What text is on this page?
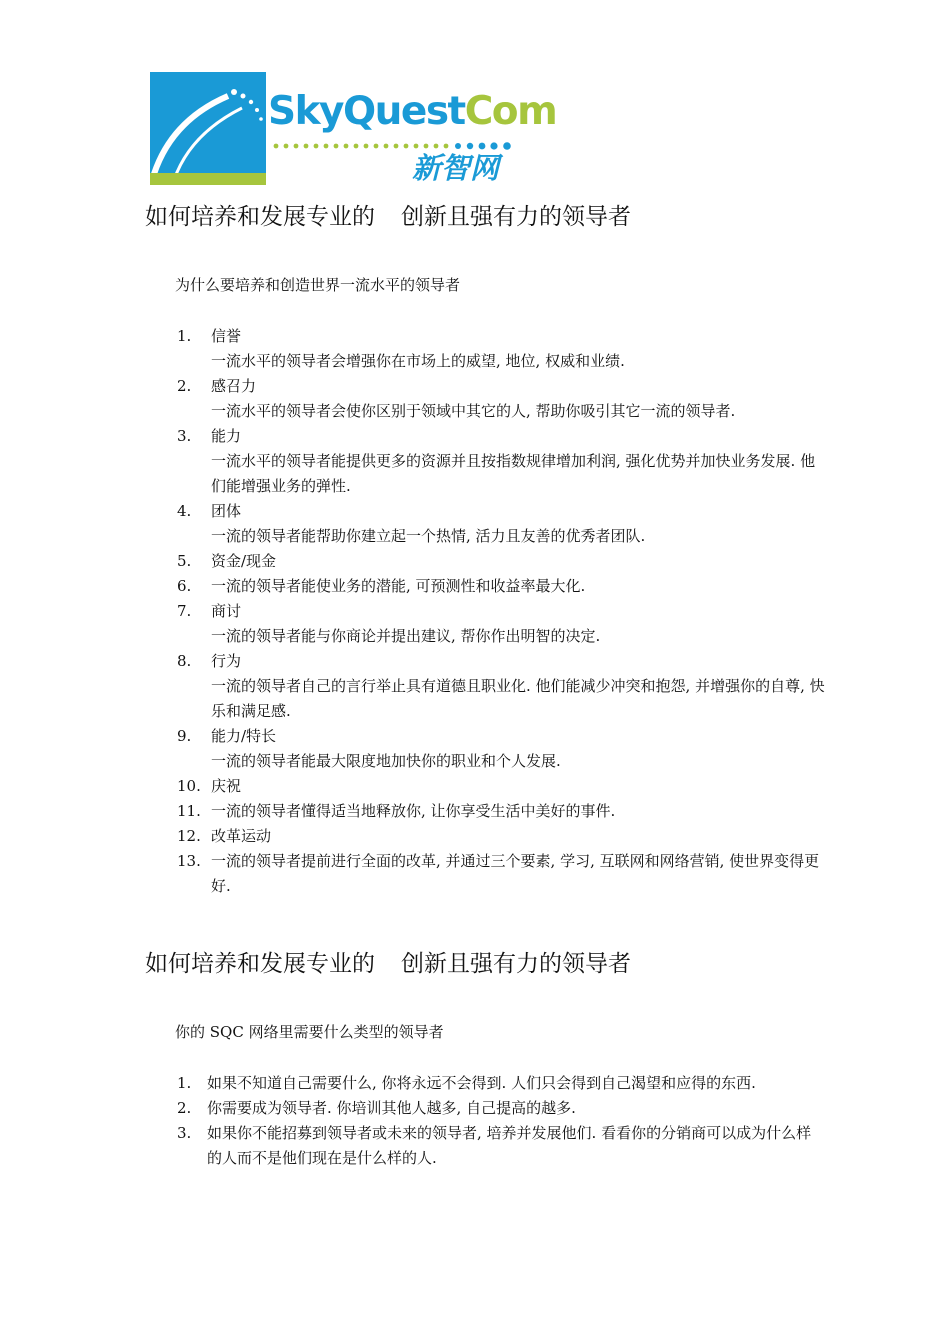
SkyQuestCom
新智网
如何培养和发展专业的 创新且强有力的领导者

为什么要培养和创造世界一流水平的领导者

1. 信誉
一流水平的领导者会增强你在市场上的威望, 地位, 权威和业绩.
2. 感召力
一流水平的领导者会使你区别于领域中其它的人, 帮助你吸引其它一流的领导者.
3. 能力
一流水平的领导者能提供更多的资源并且按指数规律增加利润, 强化优势并加快业务发展. 他们能增强业务的弹性.
4. 团体
一流的领导者能帮助你建立起一个热情, 活力且友善的优秀者团队.
5. 资金/现金
6. 一流的领导者能使业务的潜能, 可预测性和收益率最大化.
7. 商讨
一流的领导者能与你商论并提出建议, 帮你作出明智的决定.
8. 行为
一流的领导者自己的言行举止具有道德且职业化. 他们能减少冲突和抱怨, 并增强你的自尊, 快乐和满足感.
9. 能力/特长
一流的领导者能最大限度地加快你的职业和个人发展.
10. 庆祝
11. 一流的领导者懂得适当地释放你, 让你享受生活中美好的事件.
12. 改革运动
13. 一流的领导者提前进行全面的改革, 并通过三个要素, 学习, 互联网和网络营销, 使世界变得更好.
如何培养和发展专业的 创新且强有力的领导者

你的 SQC 网络里需要什么类型的领导者

1. 如果不知道自己需要什么, 你将永远不会得到. 人们只会得到自己渴望和应得的东西.
2. 你需要成为领导者. 你培训其他人越多, 自己提高的越多.
3. 如果你不能招募到领导者或未来的领导者, 培养并发展他们. 看看你的分销商可以成为什么样的人而不是他们现在是什么样的人.
